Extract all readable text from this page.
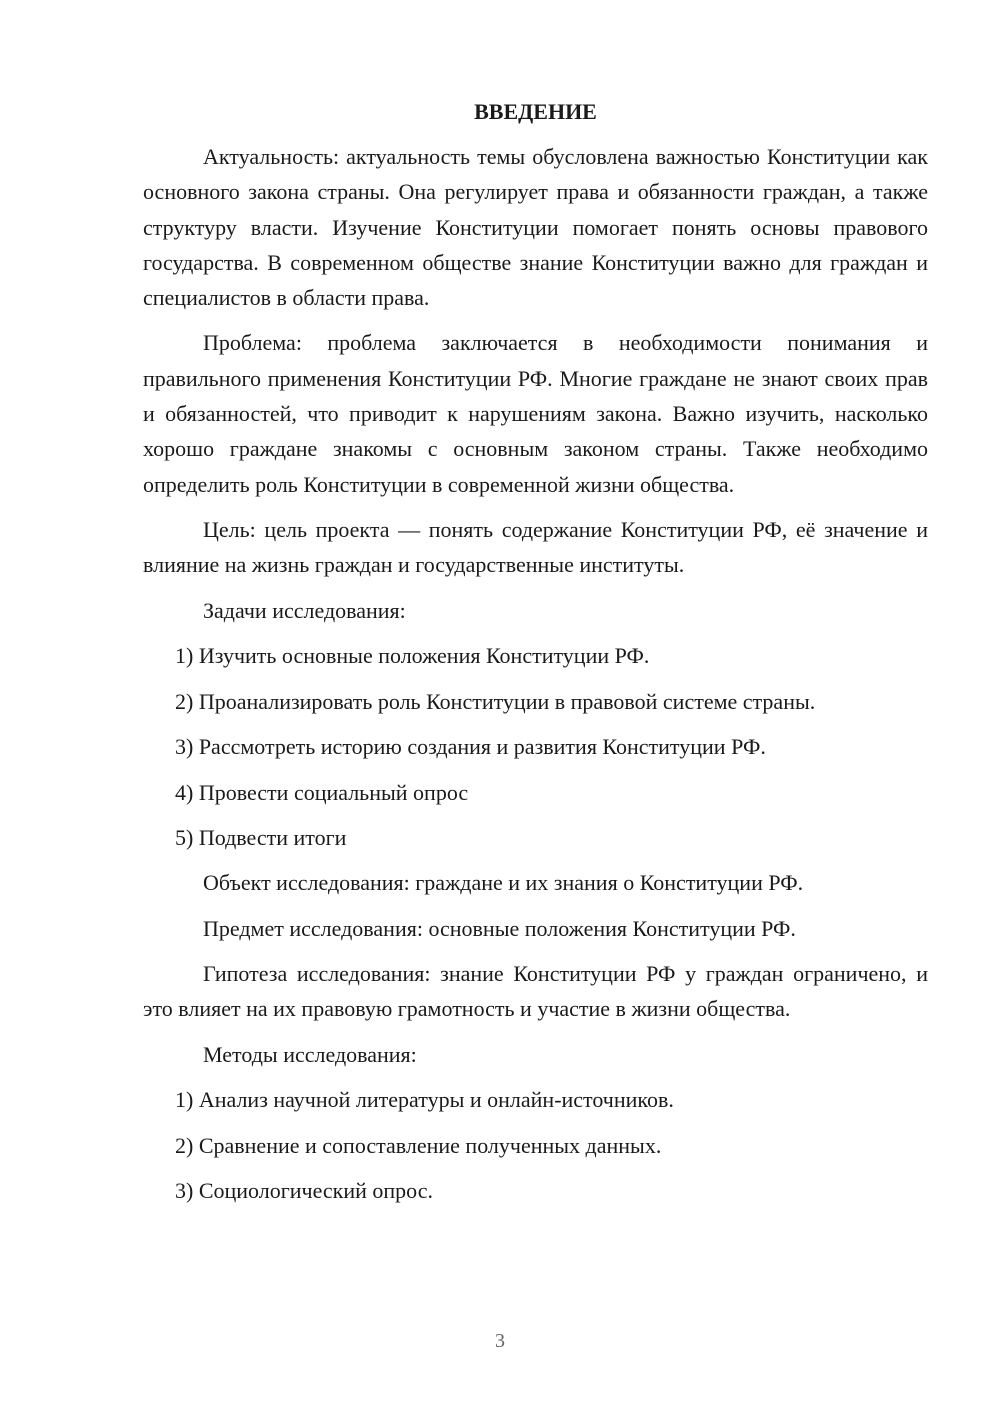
ВВЕДЕНИЕ

Актуальность: актуальность темы обусловлена важностью Конституции как основного закона страны. Она регулирует права и обязанности граждан, а также структуру власти. Изучение Конституции помогает понять основы правового государства. В современном обществе знание Конституции важно для граждан и специалистов в области права.

Проблема: проблема заключается в необходимости понимания и правильного применения Конституции РФ. Многие граждане не знают своих прав и обязанностей, что приводит к нарушениям закона. Важно изучить, насколько хорошо граждане знакомы с основным законом страны. Также необходимо определить роль Конституции в современной жизни общества.

Цель: цель проекта — понять содержание Конституции РФ, её значение и влияние на жизнь граждан и государственные институты.

Задачи исследования:

1) Изучить основные положения Конституции РФ.

2) Проанализировать роль Конституции в правовой системе страны.

3) Рассмотреть историю создания и развития Конституции РФ.

4) Провести социальный опрос

5) Подвести итоги

Объект исследования: граждане и их знания о Конституции РФ.

Предмет исследования: основные положения Конституции РФ.

Гипотеза исследования: знание Конституции РФ у граждан ограничено, и это влияет на их правовую грамотность и участие в жизни общества.

Методы исследования:

1) Анализ научной литературы и онлайн-источников.

2) Сравнение и сопоставление полученных данных.

3) Социологический опрос.

3
